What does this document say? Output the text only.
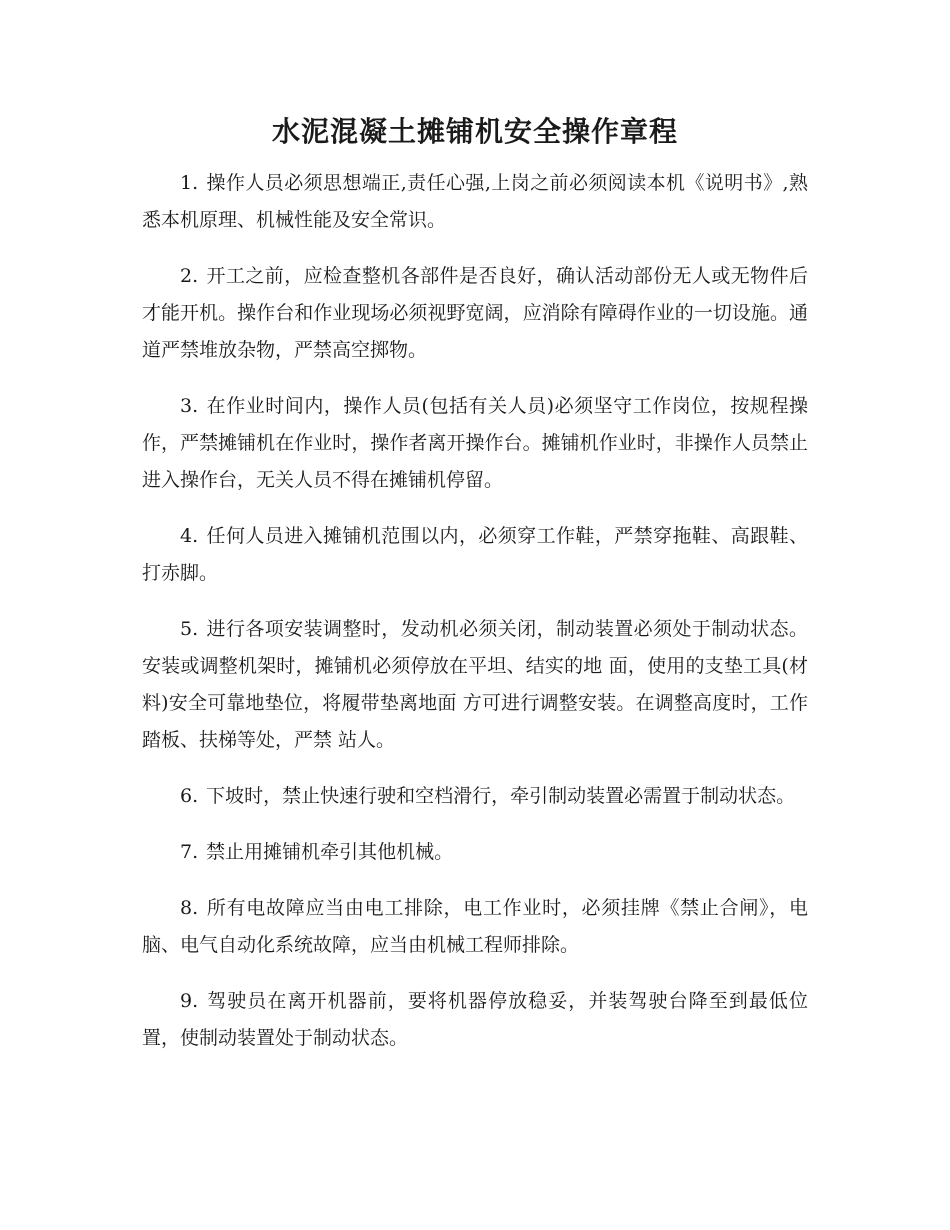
水泥混凝土摊铺机安全操作章程

1. 操作人员必须思想端正,责任心强,上岗之前必须阅读本机《说明书》,熟悉本机原理、机械性能及安全常识。

2. 开工之前，应检查整机各部件是否良好，确认活动部份无人或无物件后才能开机。操作台和作业现场必须视野宽阔，应消除有障碍作业的一切设施。通道严禁堆放杂物，严禁高空掷物。

3. 在作业时间内，操作人员(包括有关人员)必须坚守工作岗位，按规程操作，严禁摊铺机在作业时，操作者离开操作台。摊铺机作业时，非操作人员禁止进入操作台，无关人员不得在摊铺机停留。

4. 任何人员进入摊铺机范围以内，必须穿工作鞋，严禁穿拖鞋、高跟鞋、打赤脚。

5. 进行各项安装调整时，发动机必须关闭，制动装置必须处于制动状态。安装或调整机架时，摊铺机必须停放在平坦、结实的地 面，使用的支垫工具(材料)安全可靠地垫位，将履带垫离地面 方可进行调整安装。在调整高度时，工作踏板、扶梯等处，严禁 站人。

6. 下坡时，禁止快速行驶和空档滑行，牵引制动装置必需置于制动状态。

7. 禁止用摊铺机牵引其他机械。

8. 所有电故障应当由电工排除，电工作业时，必须挂牌《禁止合闸》，电脑、电气自动化系统故障，应当由机械工程师排除。

9. 驾驶员在离开机器前，要将机器停放稳妥，并装驾驶台降至到最低位置，使制动装置处于制动状态。
